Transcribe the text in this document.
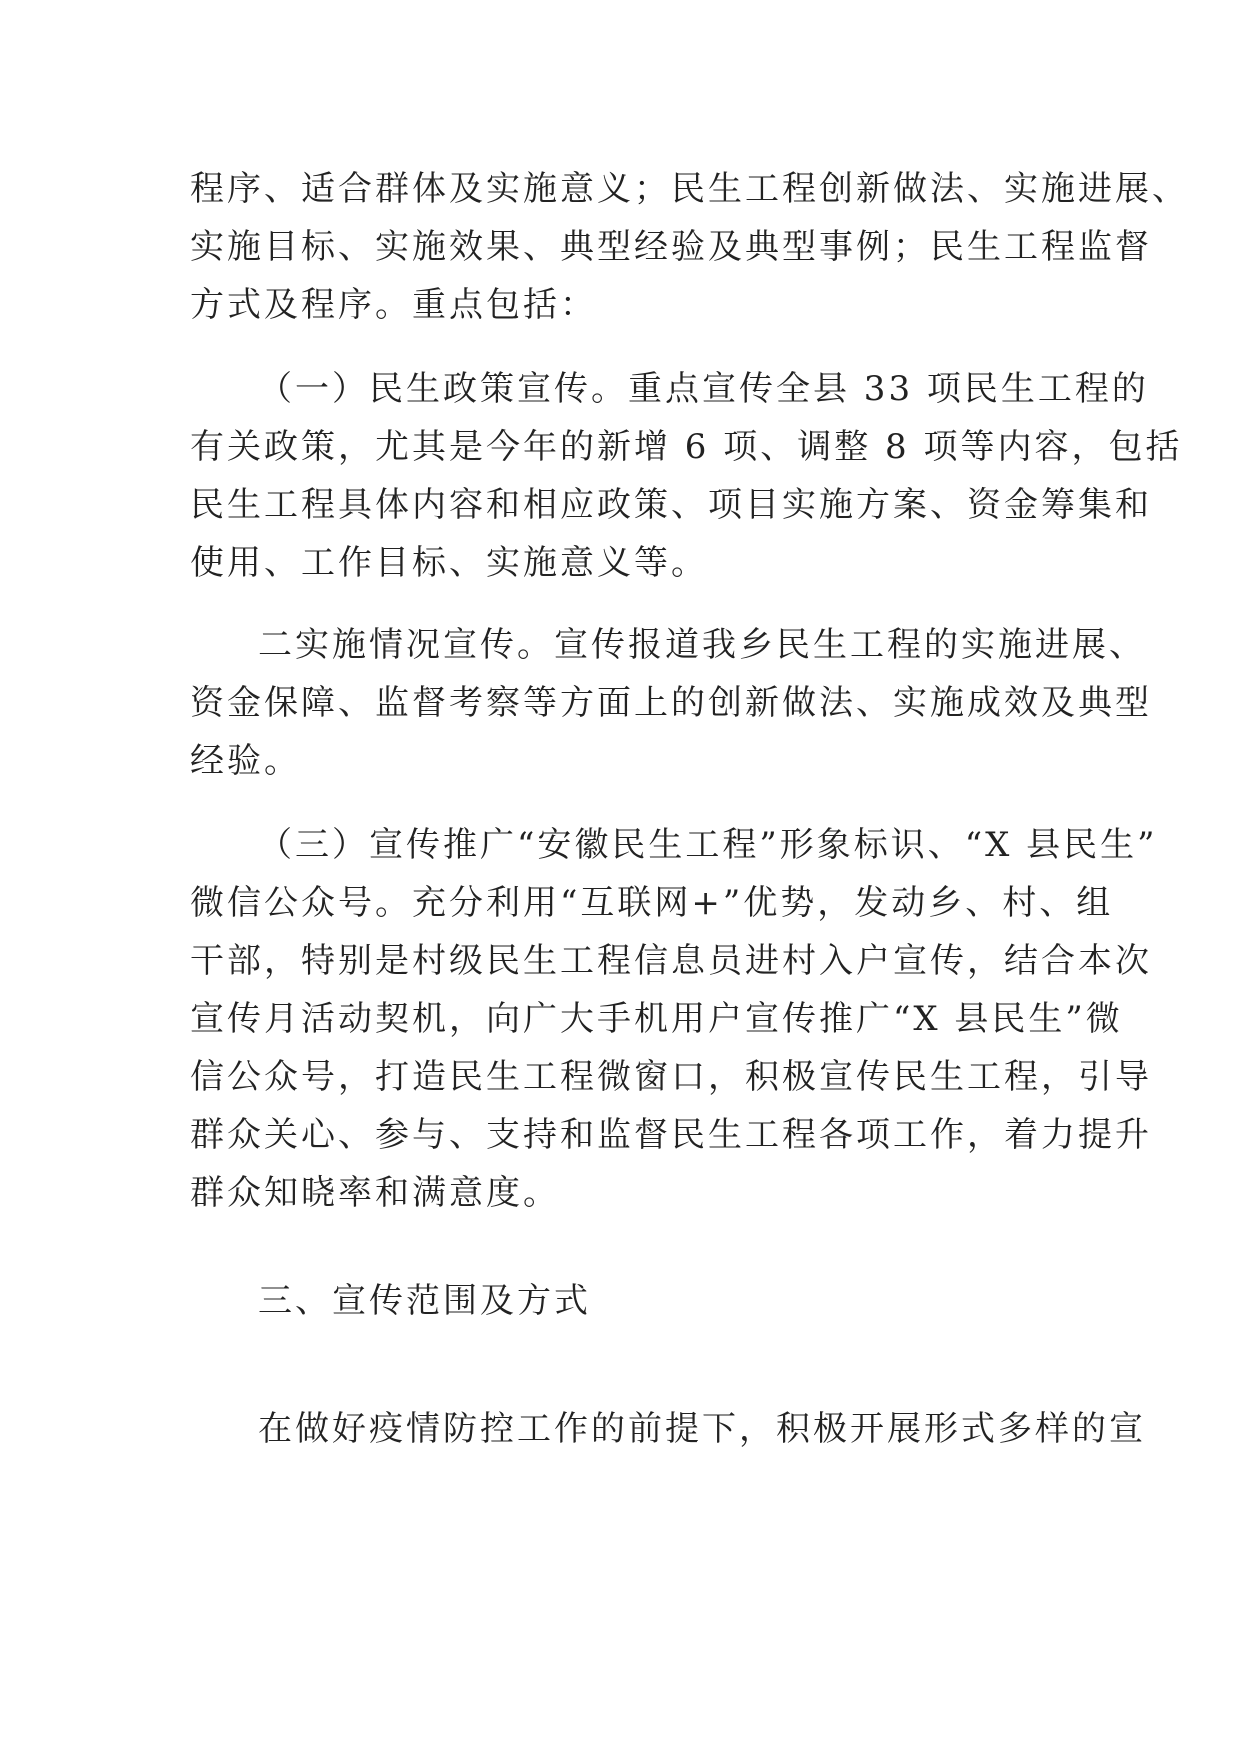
程序、适合群体及实施意义；民生工程创新做法、实施进展、
实施目标、实施效果、典型经验及典型事例；民生工程监督
方式及程序。重点包括：
（一）民生政策宣传。重点宣传全县 33 项民生工程的
有关政策，尤其是今年的新增 6 项、调整 8 项等内容，包括
民生工程具体内容和相应政策、项目实施方案、资金筹集和
使用、工作目标、实施意义等。
二实施情况宣传。宣传报道我乡民生工程的实施进展、
资金保障、监督考察等方面上的创新做法、实施成效及典型
经验。
（三）宣传推广“安徽民生工程”形象标识、“X 县民生”
微信公众号。充分利用“互联网+”优势，发动乡、村、组
干部，特别是村级民生工程信息员进村入户宣传，结合本次
宣传月活动契机，向广大手机用户宣传推广“X 县民生”微
信公众号，打造民生工程微窗口，积极宣传民生工程，引导
群众关心、参与、支持和监督民生工程各项工作，着力提升
群众知晓率和满意度。
三、宣传范围及方式
在做好疫情防控工作的前提下，积极开展形式多样的宣
